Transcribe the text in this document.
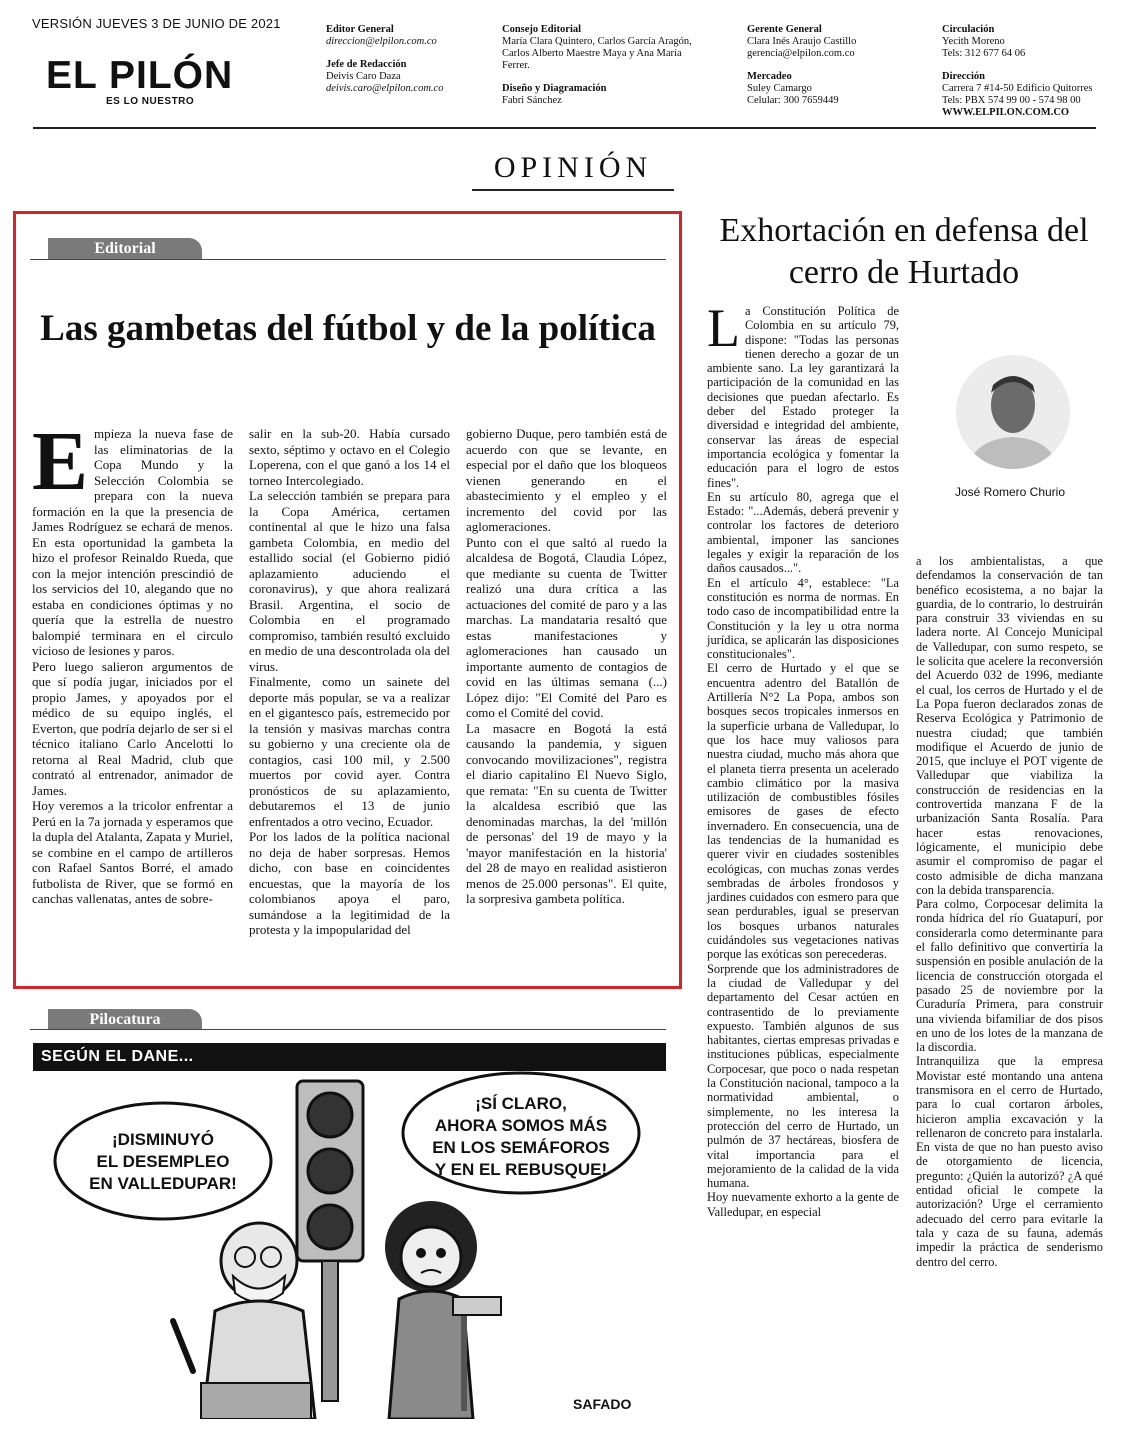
VERSIÓN JUEVES 3 DE JUNIO DE 2021
EL PILÓN
ES LO NUESTRO
Editor General
direccion@elpilon.com.co
Jefe de Redacción
Deivis Caro Daza
deivis.caro@elpilon.com.co
Consejo Editorial
María Clara Quintero, Carlos García Aragón,
Carlos Alberto Maestre Maya y Ana María
Ferrer.
Diseño y Diagramación
Fabri Sánchez
Gerente General
Clara Inés Araujo Castillo
gerencia@elpilon.com.co
Mercadeo
Suley Camargo
Celular: 300 7659449
Circulación
Yecith Moreno
Tels: 312 677 64 06
Dirección
Carrera 7 #14-50 Edificio Quitorres
Tels: PBX 574 99 00 - 574 98 00
WWW.ELPILON.COM.CO
OPINIÓN
Editorial
Las gambetas del fútbol y de la política
E mpieza la nueva fase de las eliminatorias de la Copa Mundo y la Selección Colombia se prepara con la nueva formación en la que la presencia de James Rodríguez se echará de menos. En esta oportunidad la gambeta la hizo el profesor Reinaldo Rueda, que con la mejor intención prescindió de los servicios del 10, alegando que no estaba en condiciones óptimas y no quería que la estrella de nuestro balompié terminara en el circulo vicioso de lesiones y paros.

Pero luego salieron argumentos de que sí podía jugar, iniciados por el propio James, y apoyados por el médico de su equipo inglés, el Everton, que podría dejarlo de ser si el técnico italiano Carlo Ancelotti lo retorna al Real Madrid, club que contrató al entrenador, animador de James.

Hoy veremos a la tricolor enfrentar a Perú en la 7a jornada y esperamos que la dupla del Atalanta, Zapata y Muriel, se combine en el campo de artilleros con Rafael Santos Borré, el amado futbolista de River, que se formó en canchas vallenatas, antes de sobre-

salir en la sub-20. Había cursado sexto, séptimo y octavo en el Colegio Loperena, con el que ganó a los 14 el torneo Intercolegiado.

La selección también se prepara para la Copa América, certamen continental al que le hizo una falsa gambeta Colombia, en medio del estallido social (el Gobierno pidió aplazamiento aduciendo el coronavirus), y que ahora realizará Brasil. Argentina, el socio de Colombia en el programado compromiso, también resultó excluido en medio de una descontrolada ola del virus.

Finalmente, como un sainete del deporte más popular, se va a realizar en el gigantesco país, estremecido por la tensión y masivas marchas contra su gobierno y una creciente ola de contagios, casi 100 mil, y 2.500 muertos por covid ayer. Contra pronósticos de su aplazamiento, debutaremos el 13 de junio enfrentados a otro vecino, Ecuador.

Por los lados de la política nacional no deja de haber sorpresas. Hemos dicho, con base en coincidentes encuestas, que la mayoría de los colombianos apoya el paro, sumándose a la legitimidad de la protesta y la impopularidad del

gobierno Duque, pero también está de acuerdo con que se levante, en especial por el daño que los bloqueos vienen generando en el abastecimiento y el empleo y el incremento del covid por las aglomeraciones.

Punto con el que saltó al ruedo la alcaldesa de Bogotá, Claudia López, que mediante su cuenta de Twitter realizó una dura crítica a las actuaciones del comité de paro y a las marchas. La mandataria resaltó que estas manifestaciones y aglomeraciones han causado un importante aumento de contagios de covid en las últimas semana (...) López dijo: "El Comité del Paro es como el Comité del covid.

La masacre en Bogotá la está causando la pandemia, y siguen convocando movilizaciones", registra el diario capitalino El Nuevo Siglo, que remata: "En su cuenta de Twitter la alcaldesa escribió que las denominadas marchas, la del 'millón de personas' del 19 de mayo y la 'mayor manifestación en la historia' del 28 de mayo en realidad asistieron menos de 25.000 personas". El quite, la sorpresiva gambeta política.

Pilocatura
SEGÚN EL DANE...
¡DISMINUYÓ
EL DESEMPLEO
EN VALLEDUPAR!
¡SÍ CLARO,
AHORA SOMOS MÁS
EN LOS SEMÁFOROS
Y EN EL REBUSQUE!
SAFADO
Exhortación en defensa del cerro de Hurtado
José Romero Churio
L a Constitución Política de Colombia en su artículo 79, dispone: "Todas las personas tienen derecho a gozar de un ambiente sano. La ley garantizará la participación de la comunidad en las decisiones que puedan afectarlo. Es deber del Estado proteger la diversidad e integridad del ambiente, conservar las áreas de especial importancia ecológica y fomentar la educación para el logro de estos fines".

En su artículo 80, agrega que el Estado: "...Además, deberá prevenir y controlar los factores de deterioro ambiental, imponer las sanciones legales y exigir la reparación de los daños causados...".

En el artículo 4°, establece: "La constitución es norma de normas. En todo caso de incompatibilidad entre la Constitución y la ley u otra norma jurídica, se aplicarán las disposiciones constitucionales".

El cerro de Hurtado y el que se encuentra adentro del Batallón de Artillería N°2 La Popa, ambos son bosques secos tropicales inmersos en la superficie urbana de Valledupar, lo que los hace muy valiosos para nuestra ciudad, mucho más ahora que el planeta tierra presenta un acelerado cambio climático por la masiva utilización de combustibles fósiles emisores de gases de efecto invernadero. En consecuencia, una de las tendencias de la humanidad es querer vivir en ciudades sostenibles ecológicas, con muchas zonas verdes sembradas de árboles frondosos y jardines cuidados con esmero para que sean perdurables, igual se preservan los bosques urbanos naturales cuidándoles sus vegetaciones nativas porque las exóticas son perecederas.

Sorprende que los administradores de la ciudad de Valledupar y del departamento del Cesar actúen en contrasentido de lo previamente expuesto. También algunos de sus habitantes, ciertas empresas privadas e instituciones públicas, especialmente Corpocesar, que poco o nada respetan la Constitución nacional, tampoco a la normatividad ambiental, o simplemente, no les interesa la protección del cerro de Hurtado, un pulmón de 37 hectáreas, biosfera de vital importancia para el mejoramiento de la calidad de la vida humana.

Hoy nuevamente exhorto a la gente de Valledupar, en especial

a los ambientalistas, a que defendamos la conservación de tan benéfico ecosistema, a no bajar la guardia, de lo contrario, lo destruirán para construir 33 viviendas en su ladera norte. Al Concejo Municipal de Valledupar, con sumo respeto, se le solicita que acelere la reconversión del Acuerdo 032 de 1996, mediante el cual, los cerros de Hurtado y el de La Popa fueron declarados zonas de Reserva Ecológica y Patrimonio de nuestra ciudad; que también modifique el Acuerdo de junio de 2015, que incluye el POT vigente de Valledupar que viabiliza la construcción de residencias en la controvertida manzana F de la urbanización Santa Rosalía. Para hacer estas renovaciones, lógicamente, el municipio debe asumir el compromiso de pagar el costo admisible de dicha manzana con la debida transparencia.

Para colmo, Corpocesar delimita la ronda hídrica del río Guatapurí, por considerarla como determinante para el fallo definitivo que convertiría la suspensión en posible anulación de la licencia de construcción otorgada el pasado 25 de noviembre por la Curaduría Primera, para construir una vivienda bifamiliar de dos pisos en uno de los lotes de la manzana de la discordia.

Intranquiliza que la empresa Movistar esté montando una antena transmisora en el cerro de Hurtado, para lo cual cortaron árboles, hicieron amplia excavación y la rellenaron de concreto para instalarla.

En vista de que no han puesto aviso de otorgamiento de licencia, pregunto: ¿Quién la autorizó? ¿A qué entidad oficial le compete la autorización? Urge el cerramiento adecuado del cerro para evitarle la tala y caza de su fauna, además impedir la práctica de senderismo dentro del cerro.
